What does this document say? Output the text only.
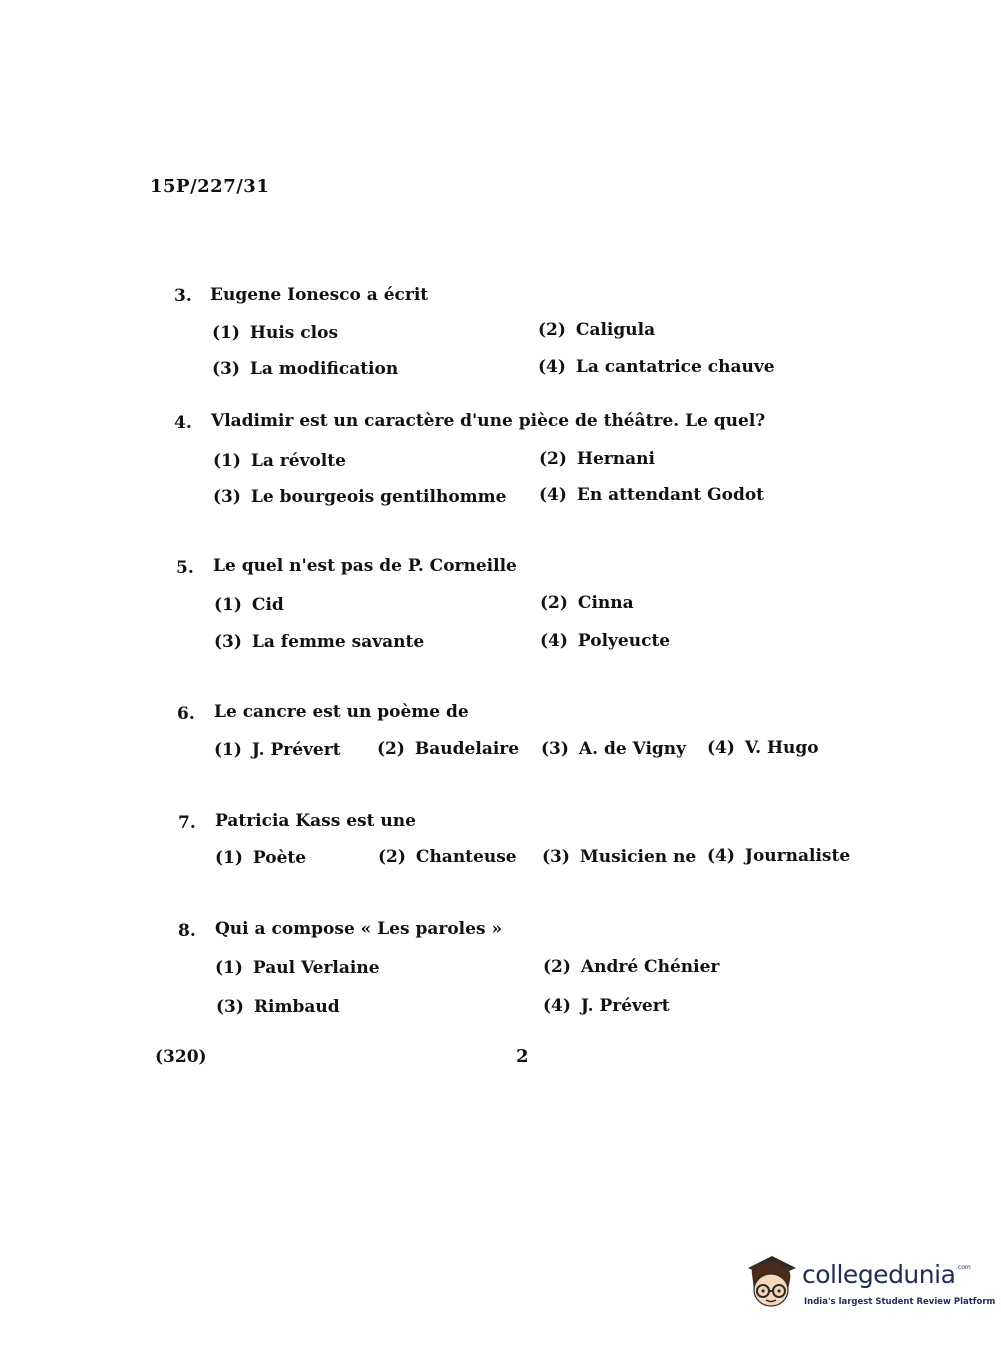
15P/227/31
3. Eugene Ionesco a écrit
(1) Huis clos	(2) Caligula
(3) La modification	(4) La cantatrice chauve
4. Vladimir est un caractère d'une pièce de théâtre. Le quel?
(1) La révolte	(2) Hernani
(3) Le bourgeois gentilhomme (4) En attendant Godot
5. Le quel n'est pas de P. Corneille
(1) Cid	(2) Cinna
(3) La femme savante	(4) Polyeucte
6. Le cancre est un poème de
(1) J. Prévert (2) Baudelaire (3) A. de Vigny (4) V. Hugo
7. Patricia Kass est une
(1) Poète	(2) Chanteuse (3) Musicien ne (4) Journaliste
8. Qui a compose « Les paroles »
(1) Paul Verlaine	(2) André Chénier
(3) Rimbaud	(4) J. Prévert
(320)	2
collegedunia .com
India's largest Student Review Platform
